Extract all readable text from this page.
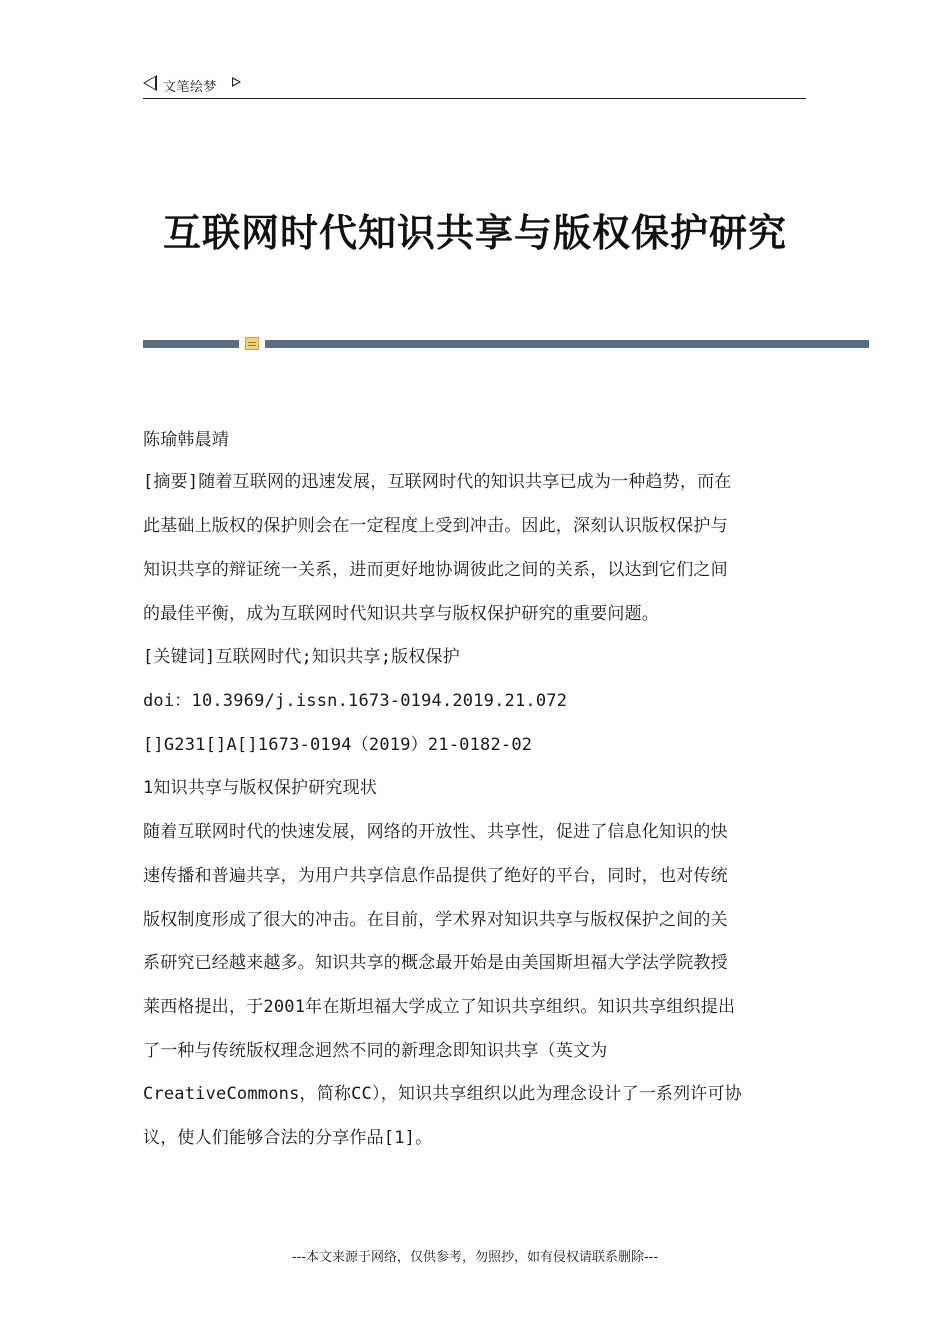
文笔绘梦
互联网时代知识共享与版权保护研究
陈瑜韩晨靖
[摘要]随着互联网的迅速发展，互联网时代的知识共享已成为一种趋势，而在
此基础上版权的保护则会在一定程度上受到冲击。因此，深刻认识版权保护与
知识共享的辩证统一关系，进而更好地协调彼此之间的关系，以达到它们之间
的最佳平衡，成为互联网时代知识共享与版权保护研究的重要问题。
[关键词]互联网时代;知识共享;版权保护
doi：10.3969/j.issn.1673-0194.2019.21.072
[]G231[]A[]1673-0194（2019）21-0182-02
1知识共享与版权保护研究现状
随着互联网时代的快速发展，网络的开放性、共享性，促进了信息化知识的快
速传播和普遍共享，为用户共享信息作品提供了绝好的平台，同时，也对传统
版权制度形成了很大的冲击。在目前，学术界对知识共享与版权保护之间的关
系研究已经越来越多。知识共享的概念最开始是由美国斯坦福大学法学院教授
莱西格提出，于2001年在斯坦福大学成立了知识共享组织。知识共享组织提出
了一种与传统版权理念迥然不同的新理念即知识共享（英文为
CreativeCommons，简称CC），知识共享组织以此为理念设计了一系列许可协
议，使人们能够合法的分享作品[1]。
---本文来源于网络，仅供参考，勿照抄，如有侵权请联系删除---
